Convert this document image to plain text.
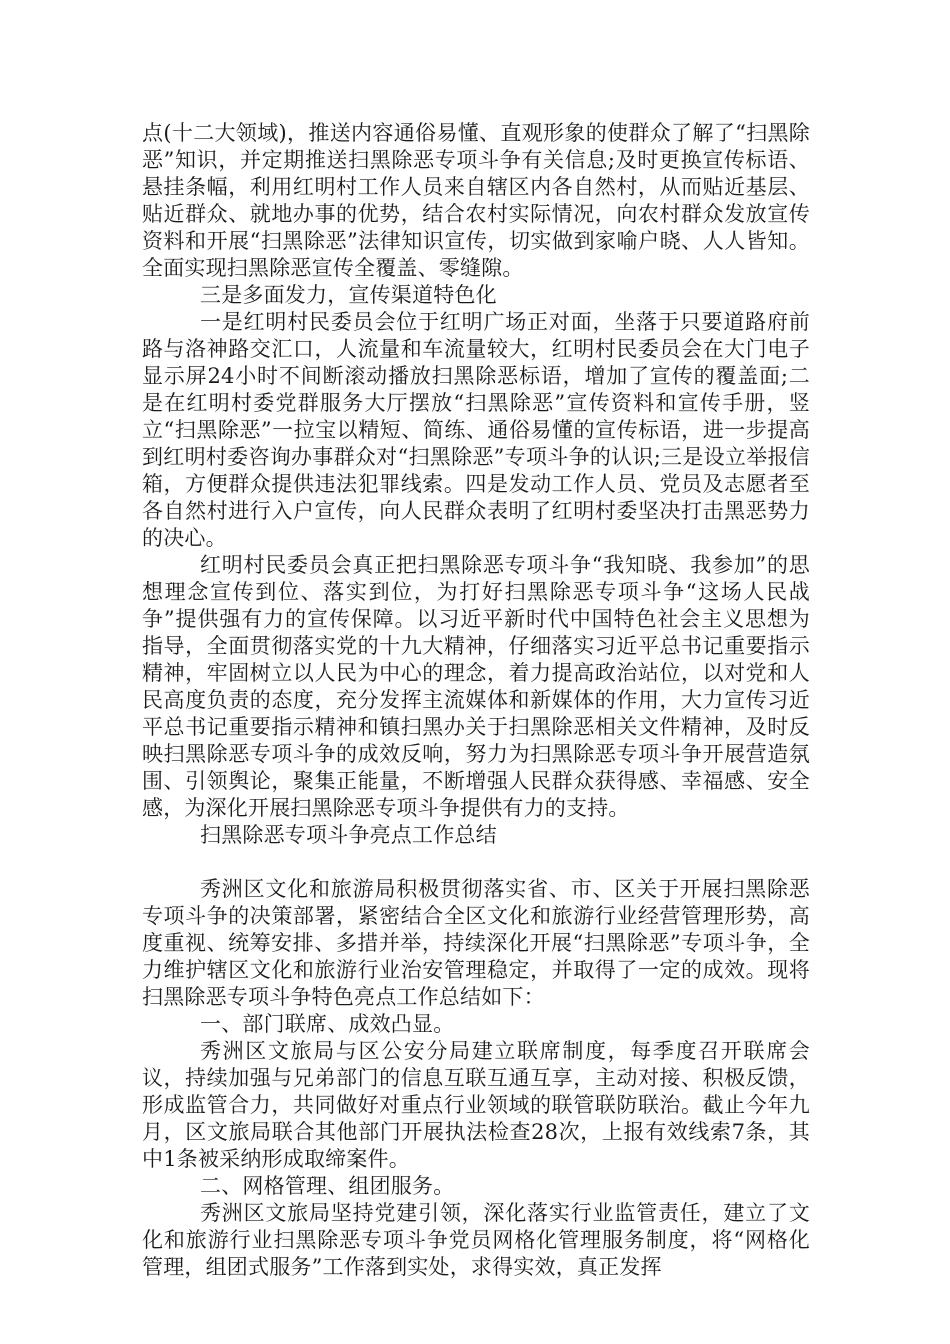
点(十二大领域)，推送内容通俗易懂、直观形象的使群众了解了“扫黑除恶”知识，并定期推送扫黑除恶专项斗争有关信息;及时更换宣传标语、悬挂条幅，利用红明村工作人员来自辖区内各自然村，从而贴近基层、贴近群众、就地办事的优势，结合农村实际情况，向农村群众发放宣传资料和开展“扫黑除恶”法律知识宣传，切实做到家喻户晓、人人皆知。全面实现扫黑除恶宣传全覆盖、零缝隙。

三是多面发力，宣传渠道特色化

一是红明村民委员会位于红明广场正对面，坐落于只要道路府前路与洛神路交汇口，人流量和车流量较大，红明村民委员会在大门电子显示屏24小时不间断滚动播放扫黑除恶标语，增加了宣传的覆盖面;二是在红明村委党群服务大厅摆放“扫黑除恶”宣传资料和宣传手册，竖立“扫黑除恶”一拉宝以精短、简练、通俗易懂的宣传标语，进一步提高到红明村委咨询办事群众对“扫黑除恶”专项斗争的认识;三是设立举报信箱，方便群众提供违法犯罪线索。四是发动工作人员、党员及志愿者至各自然村进行入户宣传，向人民群众表明了红明村委坚决打击黑恶势力的决心。

红明村民委员会真正把扫黑除恶专项斗争“我知晓、我参加”的思想理念宣传到位、落实到位，为打好扫黑除恶专项斗争“这场人民战争”提供强有力的宣传保障。以习近平新时代中国特色社会主义思想为指导，全面贯彻落实党的十九大精神，仔细落实习近平总书记重要指示精神，牢固树立以人民为中心的理念，着力提高政治站位，以对党和人民高度负责的态度，充分发挥主流媒体和新媒体的作用，大力宣传习近平总书记重要指示精神和镇扫黑办关于扫黑除恶相关文件精神，及时反映扫黑除恶专项斗争的成效反响，努力为扫黑除恶专项斗争开展营造氛围、引领舆论，聚集正能量，不断增强人民群众获得感、幸福感、安全感，为深化开展扫黑除恶专项斗争提供有力的支持。

扫黑除恶专项斗争亮点工作总结

秀洲区文化和旅游局积极贯彻落实省、市、区关于开展扫黑除恶专项斗争的决策部署，紧密结合全区文化和旅游行业经营管理形势，高度重视、统筹安排、多措并举，持续深化开展“扫黑除恶”专项斗争，全力维护辖区文化和旅游行业治安管理稳定，并取得了一定的成效。现将扫黑除恶专项斗争特色亮点工作总结如下：

一、部门联席、成效凸显。

秀洲区文旅局与区公安分局建立联席制度，每季度召开联席会议，持续加强与兄弟部门的信息互联互通互享，主动对接、积极反馈，形成监管合力，共同做好对重点行业领域的联管联防联治。截止今年九月，区文旅局联合其他部门开展执法检查28次，上报有效线索7条，其中1条被采纳形成取缔案件。

二、网格管理、组团服务。

秀洲区文旅局坚持党建引领，深化落实行业监管责任，建立了文化和旅游行业扫黑除恶专项斗争党员网格化管理服务制度，将“网格化管理，组团式服务”工作落到实处，求得实效，真正发挥
